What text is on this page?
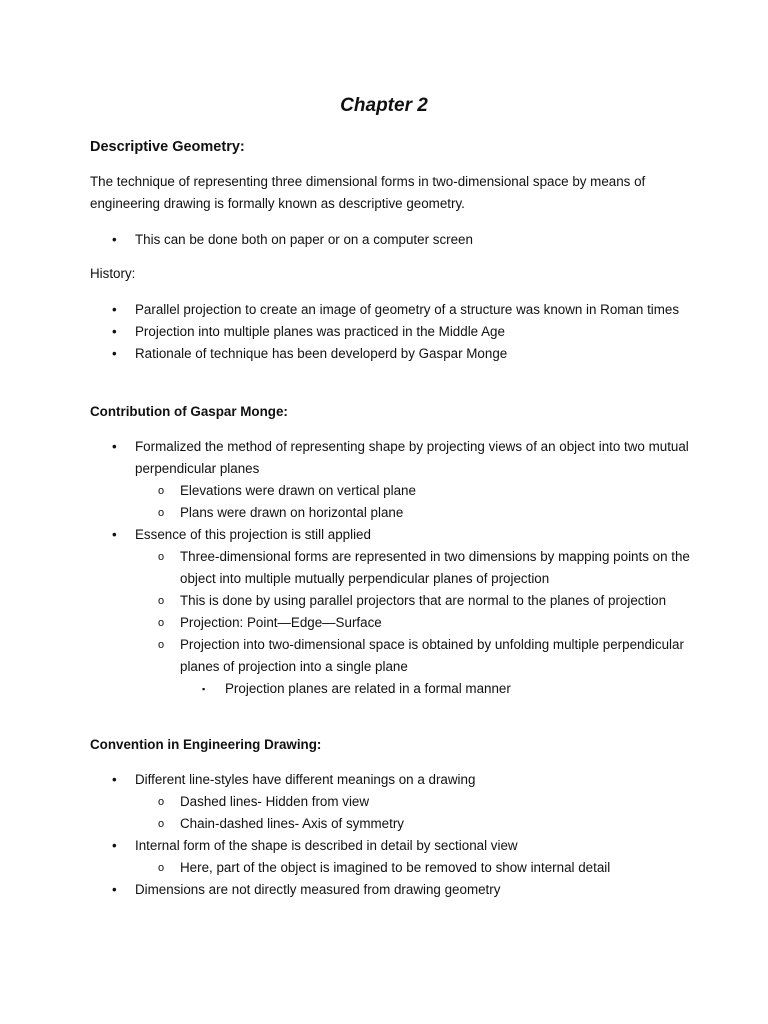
Chapter 2
Descriptive Geometry:
The technique of representing three dimensional forms in two-dimensional space by means of engineering drawing is formally known as descriptive geometry.
• This can be done both on paper or on a computer screen
History:
• Parallel projection to create an image of geometry of a structure was known in Roman times
• Projection into multiple planes was practiced in the Middle Age
• Rationale of technique has been developerd by Gaspar Monge
Contribution of Gaspar Monge:
• Formalized the method of representing shape by projecting views of an object into two mutual perpendicular planes
o Elevations were drawn on vertical plane
o Plans were drawn on horizontal plane
• Essence of this projection is still applied
o Three-dimensional forms are represented in two dimensions by mapping points on the object into multiple mutually perpendicular planes of projection
o This is done by using parallel projectors that are normal to the planes of projection
o Projection: Point—Edge—Surface
o Projection into two-dimensional space is obtained by unfolding multiple perpendicular planes of projection into a single plane
▪ Projection planes are related in a formal manner
Convention in Engineering Drawing:
• Different line-styles have different meanings on a drawing
o Dashed lines- Hidden from view
o Chain-dashed lines- Axis of symmetry
• Internal form of the shape is described in detail by sectional view
o Here, part of the object is imagined to be removed to show internal detail
• Dimensions are not directly measured from drawing geometry
